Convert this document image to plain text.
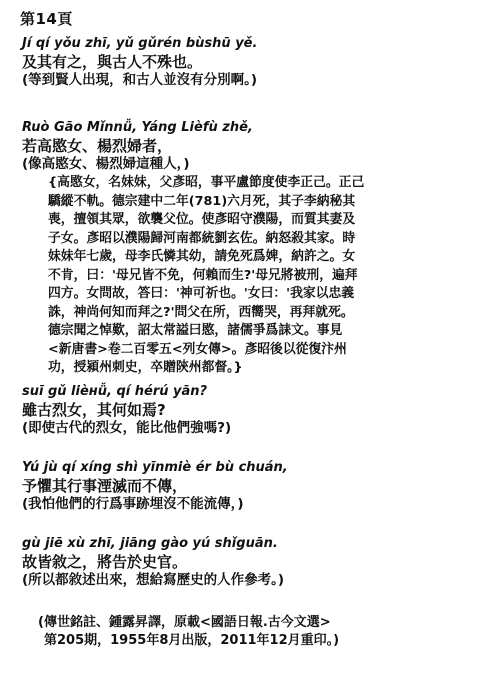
第14頁
Jí qí yǒu zhī, yǔ gǔrén bùshū yě.
及其有之，與古人不殊也。
(等到賢人出現，和古人並沒有分別啊。)
Ruò Gāo Mǐnnǚ, Yáng Lièfù zhě,
若高愍女、楊烈婦者，
(像高愍女、楊烈婦這種人，)
{高愍女，名妹妹，父彥昭，事平盧節度使李正己。正己
驕縱不軌。德宗建中二年(781)六月死，其子李納秘其
喪，擅領其眾，欲襲父位。使彥昭守濮陽，而質其妻及
子女。彥昭以濮陽歸河南都統劉玄佐。納怒殺其家。時
妹妹年七歲，母李氏憐其幼，請免死爲婢，納許之。女
不肯，曰：'母兄皆不免，何賴而生?'母兄將被刑，遍拜
四方。女問故，答曰：'神可祈也。'女曰：'我家以忠義
誅，神尚何知而拜之?'問父在所，西嚮哭，再拜就死。
德宗聞之悼歎，詔太常謚曰愍，諸儒爭爲誄文。事見
<新唐書>卷二百零五<列女傳>。彥昭後以從復汴州
功，授潁州刺史，卒贈陝州都督。}
suī gǔ lièнǚ, qí hérú yān?
雖古烈女，其何如焉?
(即使古代的烈女，能比他們強嗎?)
Yú jù qí xíng shì yīnmiè ér bù chuán,
予懼其行事湮滅而不傳，
(我怕他們的行爲事跡埋沒不能流傳，)
gù jiē xù zhī, jiāng gào yú shǐguān.
故皆敘之，將告於史官。
(所以都敘述出來，想給寫歷史的人作參考。)
(傳世銘註、鍾露昇譯，原載<國語日報.古今文選>
第205期，1955年8月出版，2011年12月重印。)
